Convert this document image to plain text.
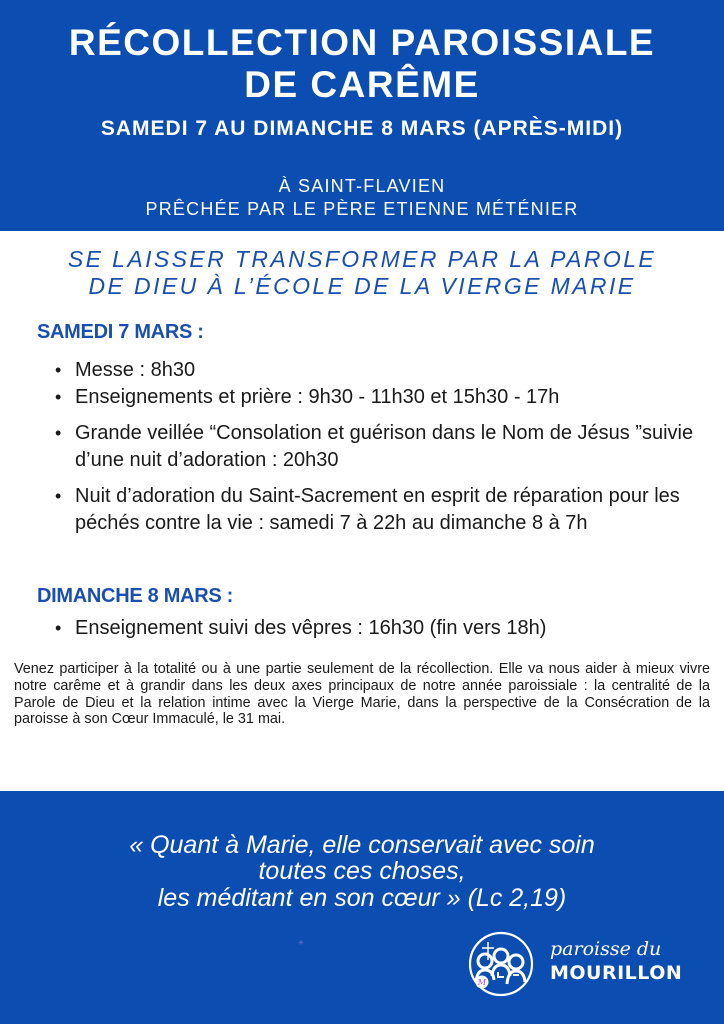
RÉCOLLECTION PAROISSIALE
DE CARÊME
SAMEDI 7 AU DIMANCHE 8 MARS (APRÈS-MIDI)
À SAINT-FLAVIEN
PRÊCHÉE PAR LE PÈRE ETIENNE MÉTÉNIER
SE LAISSER TRANSFORMER PAR LA PAROLE
DE DIEU À L’ÉCOLE DE LA VIERGE MARIE
SAMEDI 7 MARS :
• Messe : 8h30
• Enseignements et prière : 9h30 - 11h30 et 15h30 - 17h
• Grande veillée “Consolation et guérison dans le Nom de Jésus ”suivie d’une nuit d’adoration : 20h30
• Nuit d’adoration du Saint-Sacrement en esprit de réparation pour les péchés contre la vie : samedi 7 à 22h au dimanche 8 à 7h
DIMANCHE 8 MARS :
• Enseignement suivi des vêpres : 16h30 (fin vers 18h)
Venez participer à la totalité ou à une partie seulement de la récollection. Elle va nous aider à mieux vivre notre carême et à grandir dans les deux axes principaux de notre année paroissiale : la centralité de la Parole de Dieu et la relation intime avec la Vierge Marie, dans la perspective de la Consécration de la paroisse à son Cœur Immaculé, le 31 mai.
« Quant à Marie, elle conservait avec soin
toutes ces choses,
les méditant en son cœur » (Lc 2,19)
✳
M
paroisse du
MOURILLON
